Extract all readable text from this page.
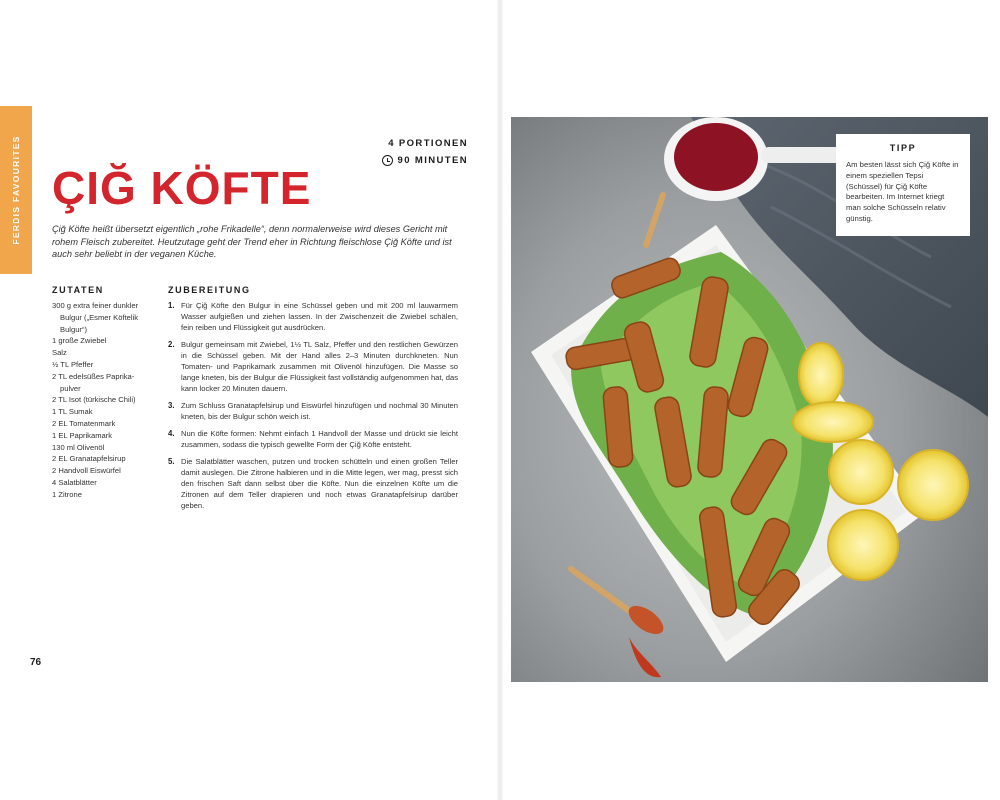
FERDIS FAVOURITES	4 PORTIONEN
90 MINUTEN
ÇIĞ KÖFTE
Çiğ Köfte heißt übersetzt eigentlich „rohe Frikadelle“, denn normalerweise wird dieses Gericht mit rohem Fleisch zubereitet. Heutzutage geht der Trend eher in Richtung fleischlose Çiğ Köfte und ist auch sehr beliebt in der veganen Küche.
ZUTATEN
300 g extra feiner dunkler Bulgur („Esmer Köftelik Bulgur“)
1 große Zwiebel
Salz
½ TL Pfeffer
2 TL edelsüßes Paprika-pulver
2 TL Isot (türkische Chili)
1 TL Sumak
2 EL Tomatenmark
1 EL Paprikamark
130 ml Olivenöl
2 EL Granatapfelsirup
2 Handvoll Eiswürfel
4 Salatblätter
1 Zitrone
ZUBEREITUNG
1. Für Çiğ Köfte den Bulgur in eine Schüssel geben und mit 200 ml lauwarmem Wasser aufgießen und ziehen lassen. In der Zwischenzeit die Zwiebel schälen, fein reiben und Flüssigkeit gut ausdrücken.
2. Bulgur gemeinsam mit Zwiebel, 1½ TL Salz, Pfeffer und den restlichen Gewürzen in die Schüssel geben. Mit der Hand alles 2–3 Minuten durchkneten. Nun Tomaten- und Paprikamark zusammen mit Olivenöl hinzufügen. Die Masse so lange kneten, bis der Bulgur die Flüssigkeit fast vollständig aufgenommen hat, das kann locker 20 Minuten dauern.
3. Zum Schluss Granatapfelsirup und Eiswürfel hinzufügen und nochmal 30 Minuten kneten, bis der Bulgur schön weich ist.
4. Nun die Köfte formen: Nehmt einfach 1 Handvoll der Masse und drückt sie leicht zusammen, sodass die typisch gewellte Form der Çiğ Köfte entsteht.
5. Die Salatblätter waschen, putzen und trocken schütteln und einen großen Teller damit auslegen. Die Zitrone halbieren und in die Mitte legen, wer mag, presst sich den frischen Saft dann selbst über die Köfte. Nun die einzelnen Köfte um die Zitronen auf dem Teller drapieren und noch etwas Granatapfelsirup darüber geben.
76
TIPP
Am besten lässt sich Çiğ Köfte in einem speziellen Tepsi (Schüssel) für Çiğ Köfte bearbeiten. Im Internet kriegt man solche Schüsseln relativ günstig.
